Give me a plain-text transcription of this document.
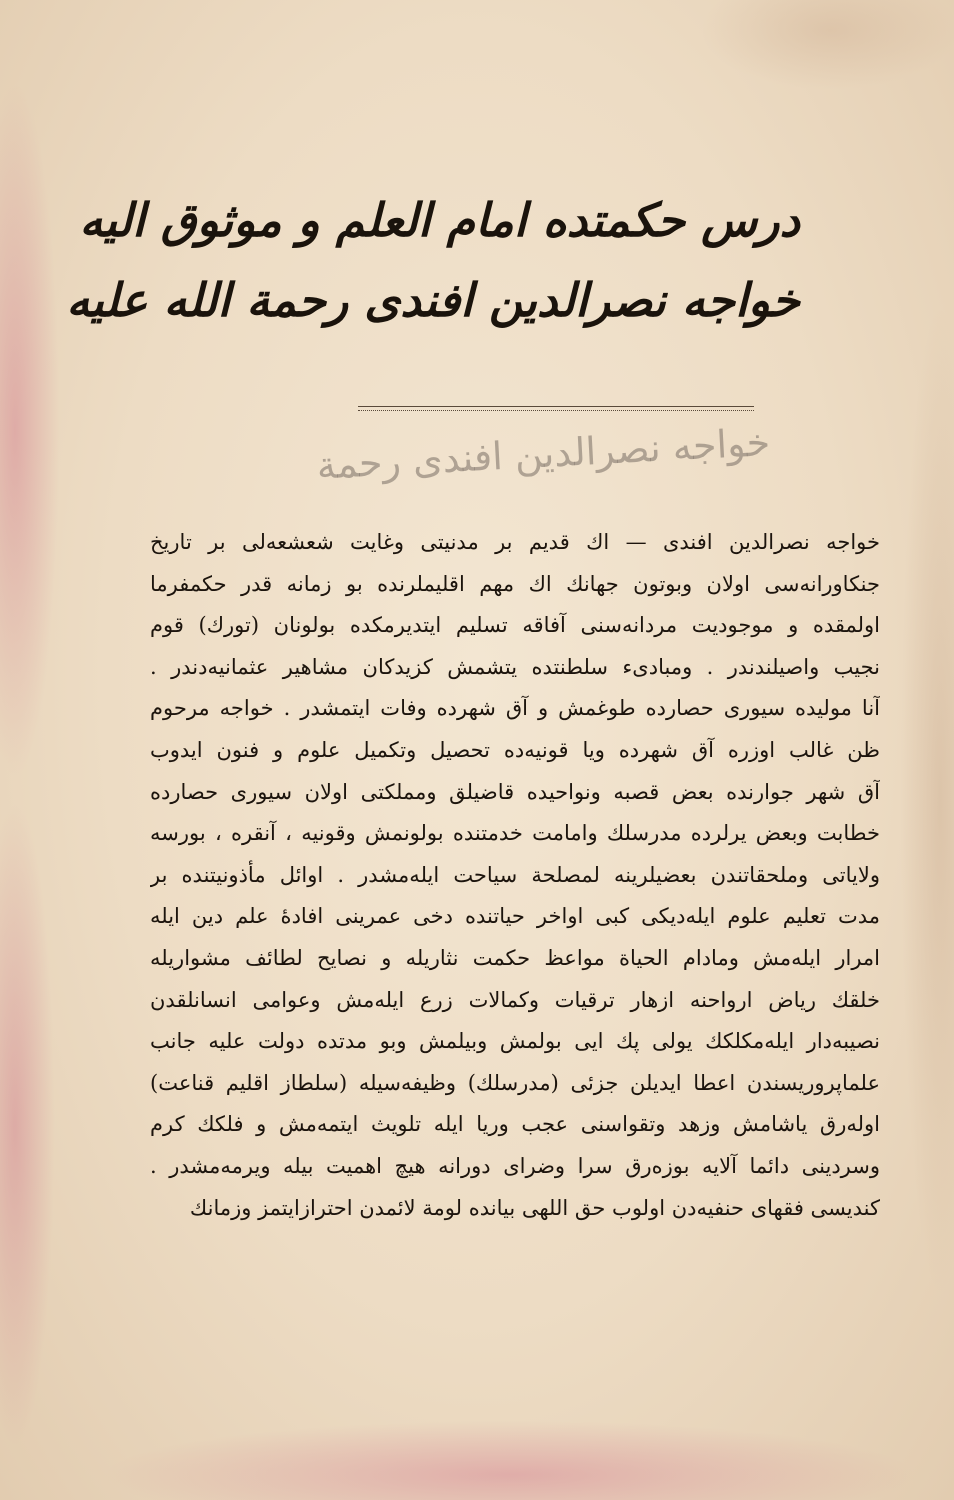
درس حکمتده امام العلم و موثوق الیه
خواجه نصرالدین افندی رحمة الله علیه
خواجه نصرالدین افندی رحمة
خواجه نصرالدین افندی — اك قدیم بر مدنیتی وغایت شعشعه‌لی بر تاریخ
جنکاورانه‌سی اولان وبوتون جهانك اك مهم اقلیملرنده بو زمانه قدر حکمفرما
اولمقده و موجودیت مردانه‌سنی آفاقه تسلیم ایتدیرمکده بولونان (تورك) قوم
نجیب واصیلندندر . ومبادیء سلطنتده یتشمش کزیدکان مشاهیر عثمانیه‌دندر .
آنا مولیده سیوری حصارده طوغمش و آق شهرده وفات ایتمشدر . خواجه مرحوم
ظن غالب اوزره آق شهرده ویا قونیه‌ده تحصیل وتکمیل علوم و فنون ایدوب
آق شهر جوارنده بعض قصبه ونواحیده قاضیلق ومملکتی اولان سیوری حصارده
خطابت وبعض یرلرده مدرسلك وامامت خدمتنده بولونمش وقونیه ، آنقره ، بورسه
ولایاتی وملحقاتندن بعضیلرینه لمصلحة سیاحت ایله‌مشدر . اوائل مأذونیتنده بر
مدت تعلیم علوم ایله‌دیکی کبی اواخر حیاتنده دخی عمرینی افادهٔ علم دین ایله
امرار ایله‌مش ومادام الحیاة مواعظ حکمت نثاریله و نصایح لطائف مشواریله
خلقك ریاض ارواحنه ازهار ترقیات وکمالات زرع ایله‌مش وعوامی انسانلقدن
نصیبه‌دار ایله‌مکلکك یولی پك ایی بولمش وبیلمش وبو مدتده دولت علیه جانب
علماپروریسندن اعطا ایدیلن جزئی (مدرسلك) وظیفه‌سیله (سلطاز اقلیم قناعت)
اوله‌رق یاشامش وزهد وتقواسنی عجب وریا ایله تلویث ایتمه‌مش و فلکك کرم
وسردینی دائما آلایه بوزه‌رق سرا وضرای دورانه هیچ اهمیت بیله ویرمه‌مشدر .
کندیسی فقهای حنفیه‌دن اولوب حق اللهی بیانده لومة لائمدن احترازایتمز وزمانك
